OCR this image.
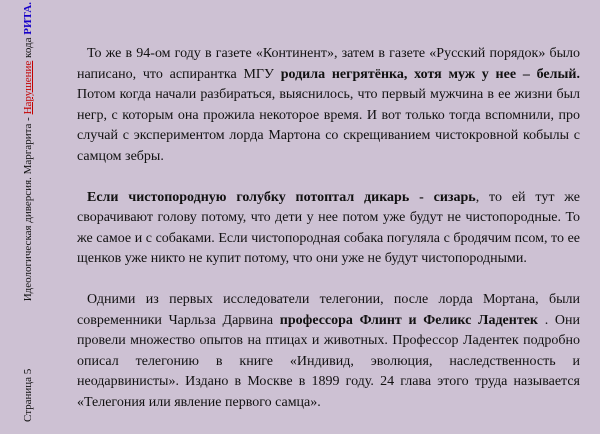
Страница 5
Идеологическая диверсия. Маргарита - Нарушение кода РИТА.

То же в 94-ом году в газете «Континент», затем в газете «Русский порядок» было написано, что аспирантка МГУ родила негрятёнка, хотя муж у нее – белый. Потом когда начали разбираться, выяснилось, что первый мужчина в ее жизни был негр, с которым она прожила некоторое время. И вот только тогда вспомнили, про случай с экспериментом лорда Мартона со скрещиванием чистокровной кобылы с самцом зебры.

Если чистопородную голубку потоптал дикарь - сизарь, то ей тут же сворачивают голову потому, что дети у нее потом уже будут не чистопородные. То же самое и с собаками. Если чистопородная собака погуляла с бродячим псом, то ее щенков уже никто не купит потому, что они уже не будут чистопородными.

Одними из первых исследователи телегонии, после лорда Мортана, были современники Чарльза Дарвина профессора Флинт и Феликс Ладентек . Они провели множество опытов на птицах и животных. Профессор Ладентек подробно описал телегонию в книге «Индивид, эволюция, наследственность и неодарвинисты». Издано в Москве в 1899 году. 24 глава этого труда называется «Телегония или явление первого самца».
